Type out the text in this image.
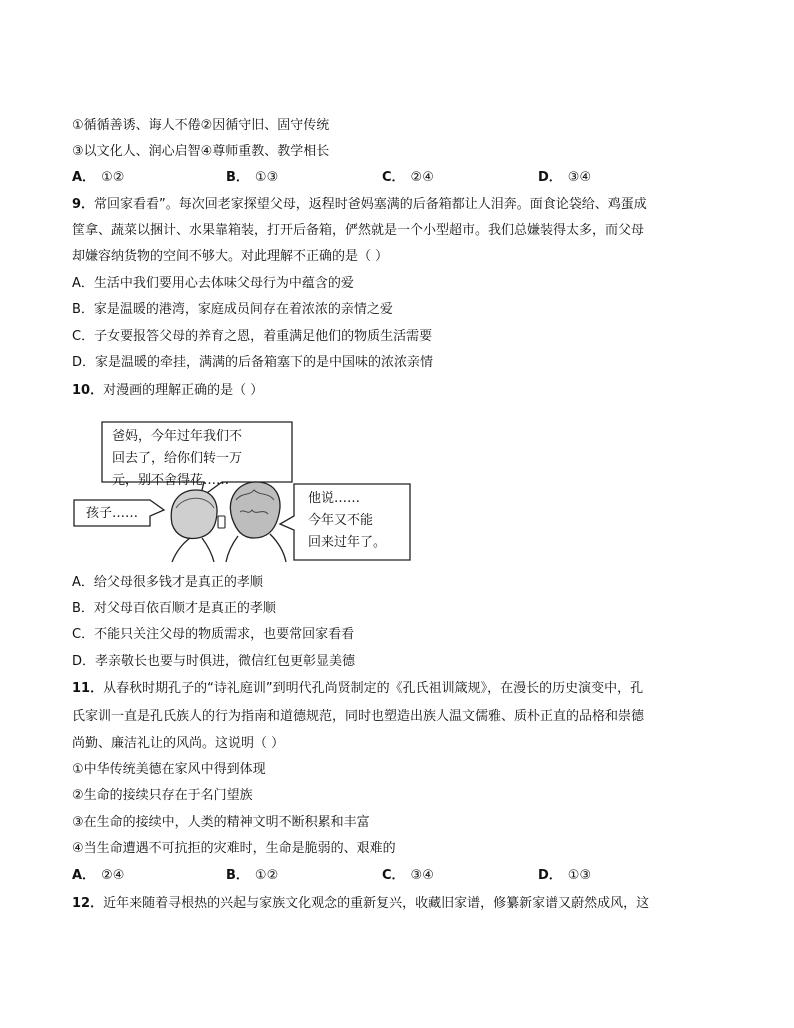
①循循善诱、诲人不倦②因循守旧、固守传统
③以文化人、润心启智④尊师重教、教学相长
A． ①②	B． ①③	C． ②④	D． ③④
9．常回家看看”。每次回老家探望父母，返程时爸妈塞满的后备箱都让人泪奔。面食论袋给、鸡蛋成
筐拿、蔬菜以捆计、水果靠箱装，打开后备箱，俨然就是一个小型超市。我们总嫌装得太多，而父母
却嫌容纳货物的空间不够大。对此理解不正确的是（ ）
A．生活中我们要用心去体味父母行为中蕴含的爱
B．家是温暖的港湾，家庭成员间存在着浓浓的亲情之爱
C．子女要报答父母的养育之恩，着重满足他们的物质生活需要
D．家是温暖的牵挂，满满的后备箱塞下的是中国味的浓浓亲情
10．对漫画的理解正确的是（ ）
爸妈，今年过年我们不
回去了，给你们转一万
元，别不舍得花……
孩子……
他说……
今年又不能
回来过年了。
A．给父母很多钱才是真正的孝顺
B．对父母百依百顺才是真正的孝顺
C．不能只关注父母的物质需求，也要常回家看看
D．孝亲敬长也要与时俱进，微信红包更彰显美德
11．从春秋时期孔子的“诗礼庭训”到明代孔尚贤制定的《孔氏祖训箴规》，在漫长的历史演变中，孔
氏家训一直是孔氏族人的行为指南和道德规范，同时也塑造出族人温文儒雅、质朴正直的品格和崇德
尚勤、廉洁礼让的风尚。这说明（ ）
①中华传统美德在家风中得到体现
②生命的接续只存在于名门望族
③在生命的接续中，人类的精神文明不断积累和丰富
④当生命遭遇不可抗拒的灾难时，生命是脆弱的、艰难的
A． ②④	B． ①②	C． ③④	D． ①③
12．近年来随着寻根热的兴起与家族文化观念的重新复兴，收藏旧家谱，修纂新家谱又蔚然成风，这
